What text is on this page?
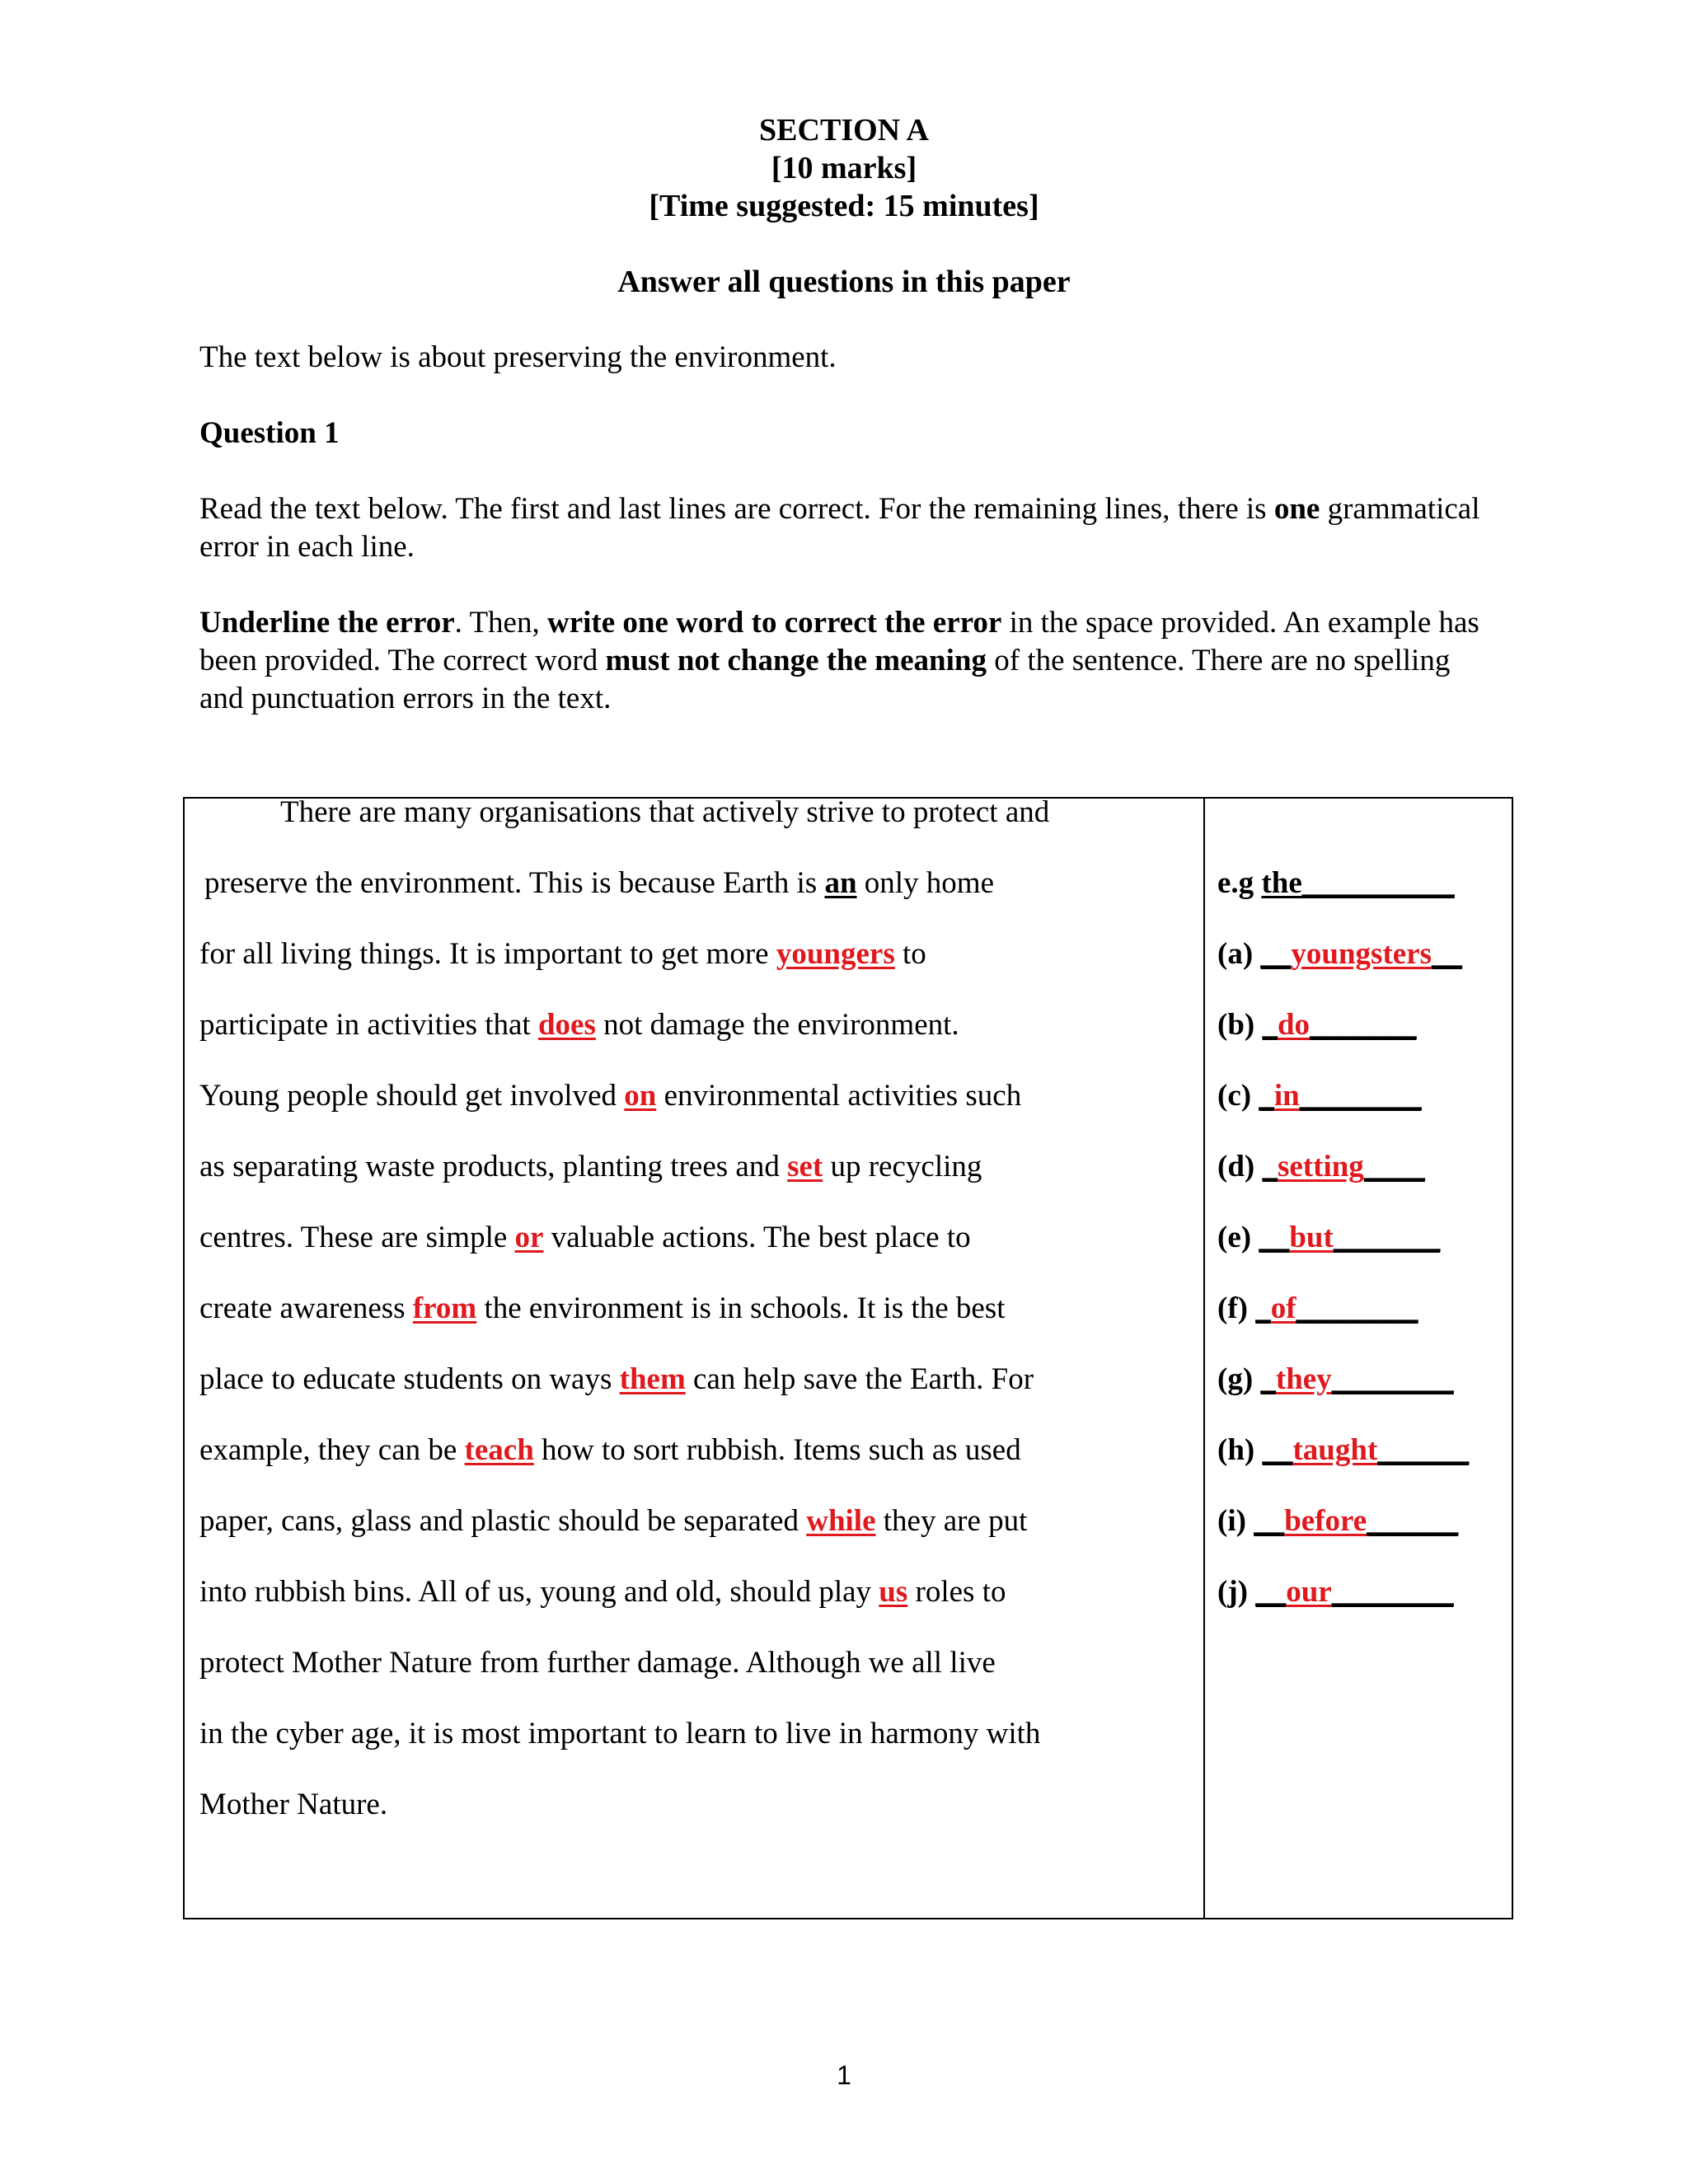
SECTION A
[10 marks]
[Time suggested: 15 minutes]
Answer all questions in this paper
The text below is about preserving the environment.
Question 1
Read the text below. The first and last lines are correct. For the remaining lines, there is one grammatical error in each line.
Underline the error. Then, write one word to correct the error in the space provided. An example has been provided. The correct word must not change the meaning of the sentence. There are no spelling and punctuation errors in the text.
There are many organisations that actively strive to protect and
preserve the environment. This is because Earth is an only home
for all living things. It is important to get more youngers to
participate in activities that does not damage the environment.
Young people should get involved on environmental activities such
as separating waste products, planting trees and set up recycling
centres. These are simple or valuable actions. The best place to
create awareness from the environment is in schools. It is the best
place to educate students on ways them can help save the Earth. For
example, they can be teach how to sort rubbish. Items such as used
paper, cans, glass and plastic should be separated while they are put
into rubbish bins. All of us, young and old, should play us roles to
protect Mother Nature from further damage. Although we all live
in the cyber age, it is most important to learn to live in harmony with
Mother Nature.
e.g the__________
(a) __youngsters__
(b) _do_______
(c) _in________
(d) _setting____
(e) __but_______
(f) _of________
(g) _they________
(h) __taught______
(i) __before______
(j) __our________
1
